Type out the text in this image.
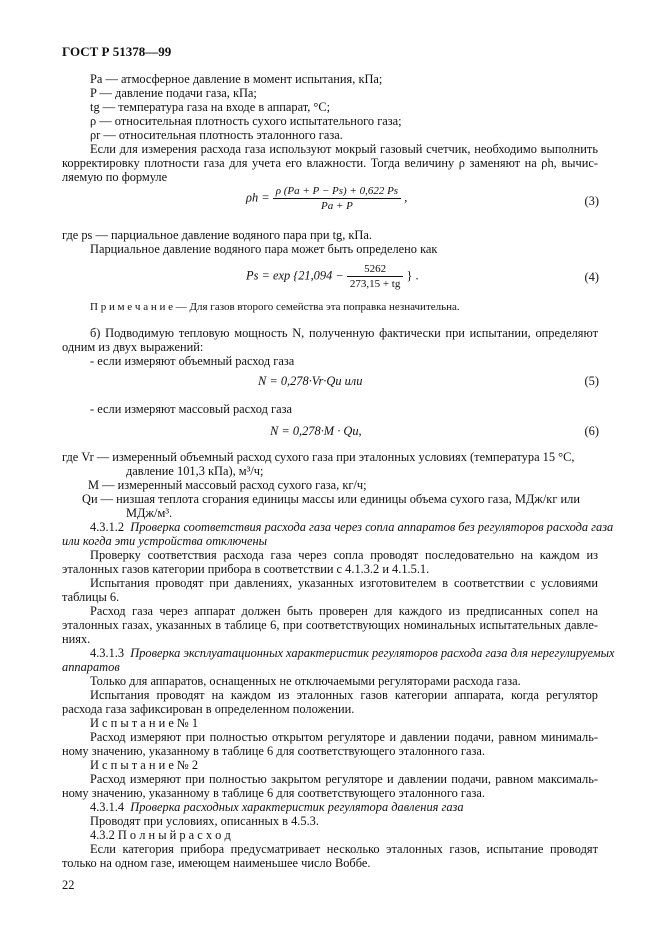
ГОСТ Р 51378—99
Pa — атмосферное давление в момент испытания, кПа;
P — давление подачи газа, кПа;
tg — температура газа на входе в аппарат, °С;
ρ — относительная плотность сухого испытательного газа;
ρr — относительная плотность эталонного газа.
Если для измерения расхода газа используют мокрый газовый счетчик, необходимо выполнить
корректировку плотности газа для учета его влажности. Тогда величину ρ заменяют на ρh, вычис-
ляемую по формуле
$\rho h = \frac{\rho (Pa + P - Ps) + 0,622 Ps}{Pa + P}$ ,	(3)
где ps — парциальное давление водяного пара при tg, кПа.
Парциальное давление водяного пара может быть определено как
$Ps = \exp \{21,094 - \frac{5262}{273,15 + tg}$ } .	(4)
П р и м е ч а н и е — Для газов второго семейства эта поправка незначительна.
б) Подводимую тепловую мощность N, полученную фактически при испытании, определяют
одним из двух выражений:
- если измеряют объемный расход газа
N = 0,278·Vr·Qи или	(5)
- если измеряют массовый расход газа
N = 0,278·M · Qи,	(6)
где Vr — измеренный объемный расход сухого газа при эталонных условиях (температура 15 °С,
давление 101,3 кПа), м³/ч;
M — измеренный массовый расход сухого газа, кг/ч;
Qи — низшая теплота сгорания единицы массы или единицы объема сухого газа, МДж/кг или
МДж/м³.
4.3.1.2 Проверка соответствия расхода газа через сопла аппаратов без регуляторов расхода газа
или когда эти устройства отключены
Проверку соответствия расхода газа через сопла проводят последовательно на каждом из
эталонных газов категории прибора в соответствии с 4.1.3.2 и 4.1.5.1.
Испытания проводят при давлениях, указанных изготовителем в соответствии с условиями
таблицы 6.
Расход газа через аппарат должен быть проверен для каждого из предписанных сопел на
эталонных газах, указанных в таблице 6, при соответствующих номинальных испытательных давле-
ниях.
4.3.1.3 Проверка эксплуатационных характеристик регуляторов расхода газа для нерегулируемых
аппаратов
Только для аппаратов, оснащенных не отключаемыми регуляторами расхода газа.
Испытания проводят на каждом из эталонных газов категории аппарата, когда регулятор
расхода газа зафиксирован в определенном положении.
И с п ы т а н и е № 1
Расход измеряют при полностью открытом регуляторе и давлении подачи, равном минималь-
ному значению, указанному в таблице 6 для соответствующего эталонного газа.
И с п ы т а н и е № 2
Расход измеряют при полностью закрытом регуляторе и давлении подачи, равном максималь-
ному значению, указанному в таблице 6 для соответствующего эталонного газа.
4.3.1.4 Проверка расходных характеристик регулятора давления газа
Проводят при условиях, описанных в 4.5.3.
4.3.2 П о л н ы й р а с х о д
Если категория прибора предусматривает несколько эталонных газов, испытание проводят
только на одном газе, имеющем наименьшее число Воббе.
22
